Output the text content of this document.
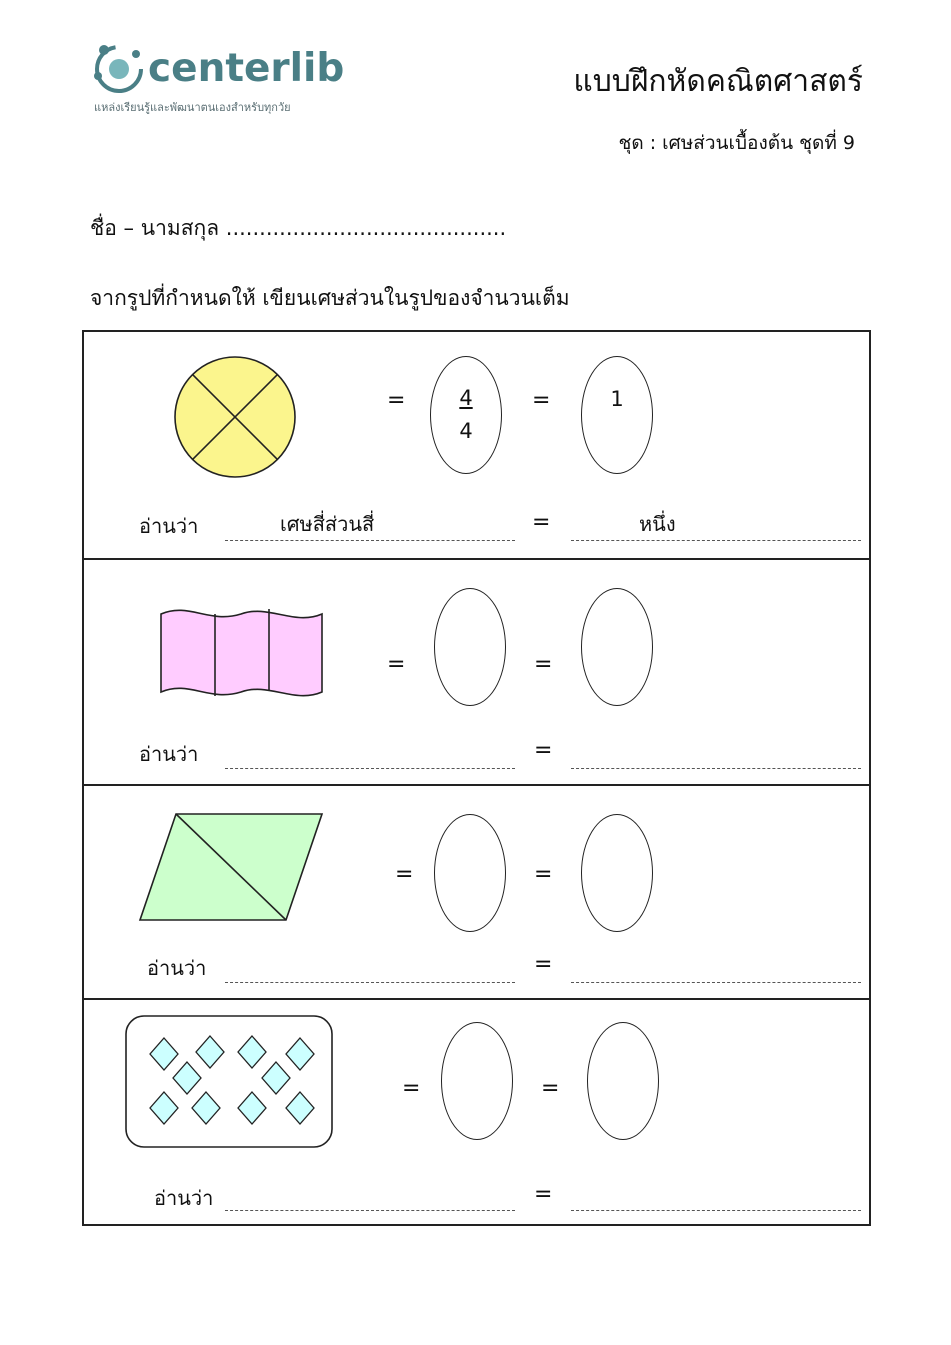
centerlib
แหล่งเรียนรู้และพัฒนาตนเองสำหรับทุกวัย
แบบฝึกหัดคณิตศาสตร์
ชุด : เศษส่วนเบื้องต้น ชุดที่ 9
ชื่อ – นามสกุล ..........................................
จากรูปที่กำหนดให้ เขียนเศษส่วนในรูปของจำนวนเต็ม
= $\frac{4}{4}$ =	1
อ่านว่า	เศษสี่ส่วนสี่	=	หนึ่ง
=	=
อ่านว่า	=
=	=
อ่านว่า	=
=	=
อ่านว่า	=
